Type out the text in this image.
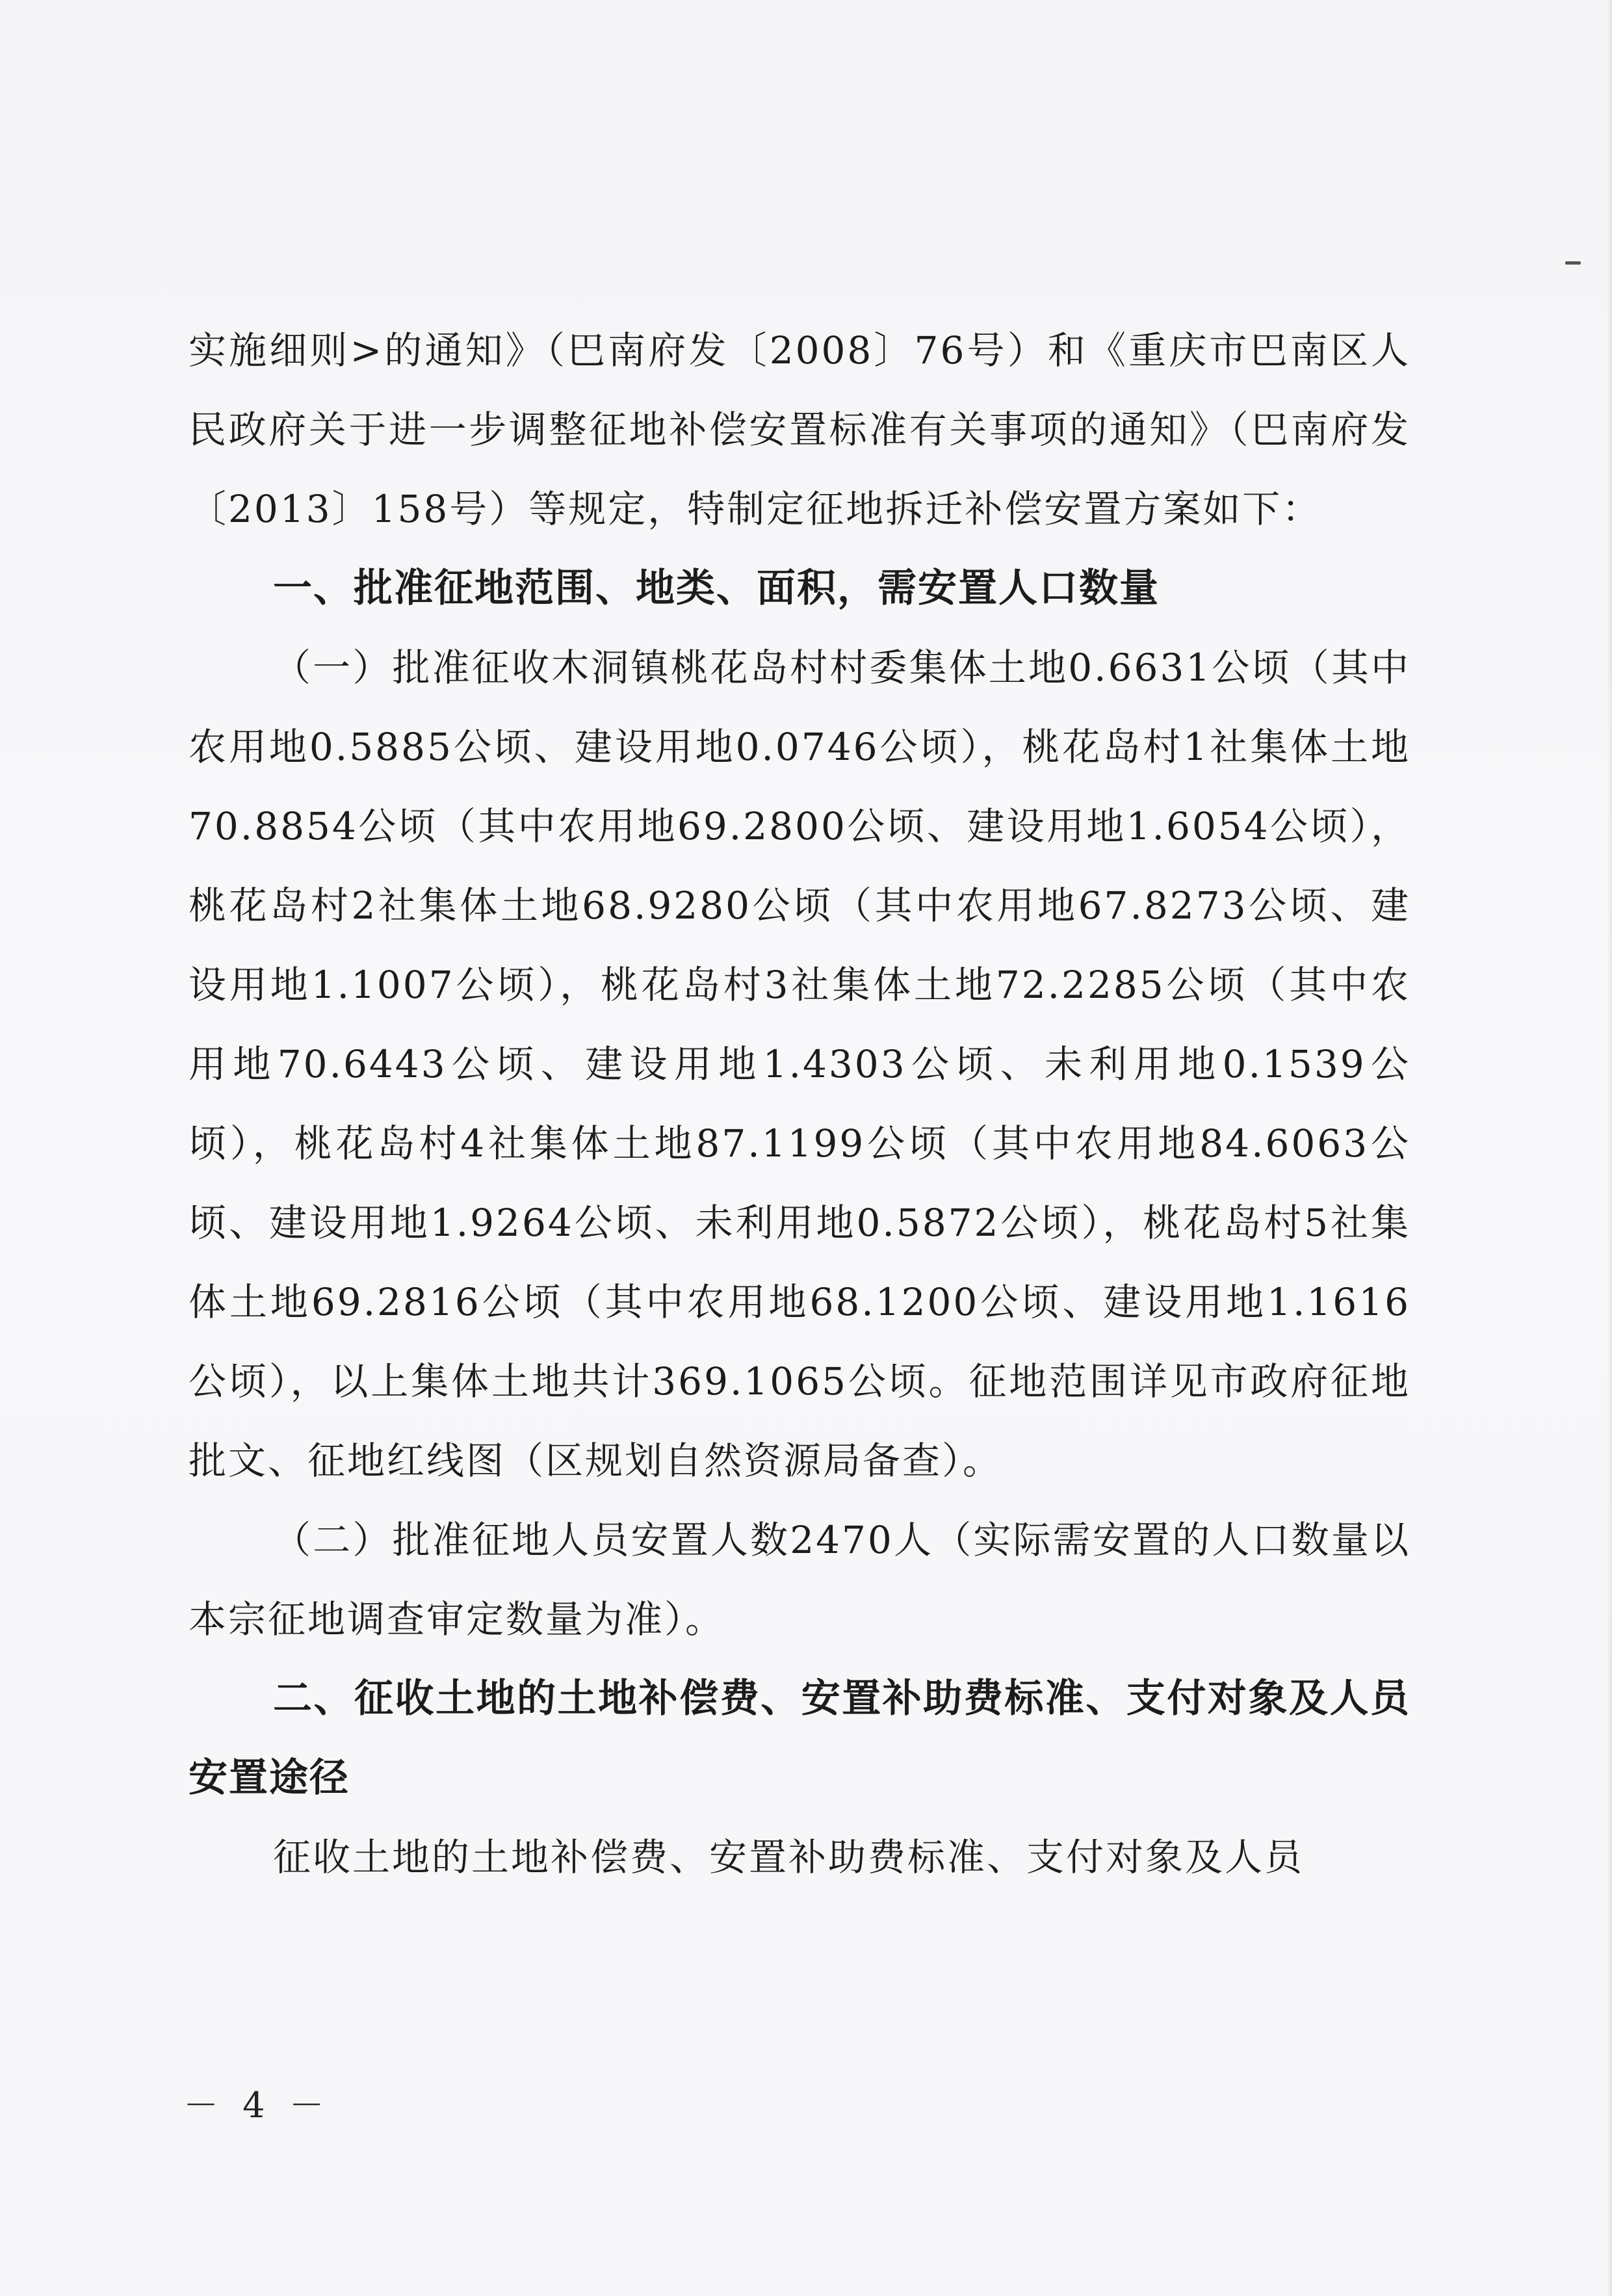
实施细则>的通知》（巴南府发〔2008〕76号）和《重庆市巴南区人民政府关于进一步调整征地补偿安置标准有关事项的通知》（巴南府发〔2013〕158号）等规定，特制定征地拆迁补偿安置方案如下：

一、批准征地范围、地类、面积，需安置人口数量

（一）批准征收木洞镇桃花岛村村委集体土地0.6631公顷（其中农用地0.5885公顷、建设用地0.0746公顷），桃花岛村1社集体土地70.8854公顷（其中农用地69.2800公顷、建设用地1.6054公顷），桃花岛村2社集体土地68.9280公顷（其中农用地67.8273公顷、建设用地1.1007公顷），桃花岛村3社集体土地72.2285公顷（其中农用地70.6443公顷、建设用地1.4303公顷、未利用地0.1539公顷），桃花岛村4社集体土地87.1199公顷（其中农用地84.6063公顷、建设用地1.9264公顷、未利用地0.5872公顷），桃花岛村5社集体土地69.2816公顷（其中农用地68.1200公顷、建设用地1.1616公顷），以上集体土地共计369.1065公顷。征地范围详见市政府征地批文、征地红线图（区规划自然资源局备查）。

（二）批准征地人员安置人数2470人（实际需安置的人口数量以本宗征地调查审定数量为准）。

二、征收土地的土地补偿费、安置补助费标准、支付对象及人员安置途径

征收土地的土地补偿费、安置补助费标准、支付对象及人员

－ 4 －
